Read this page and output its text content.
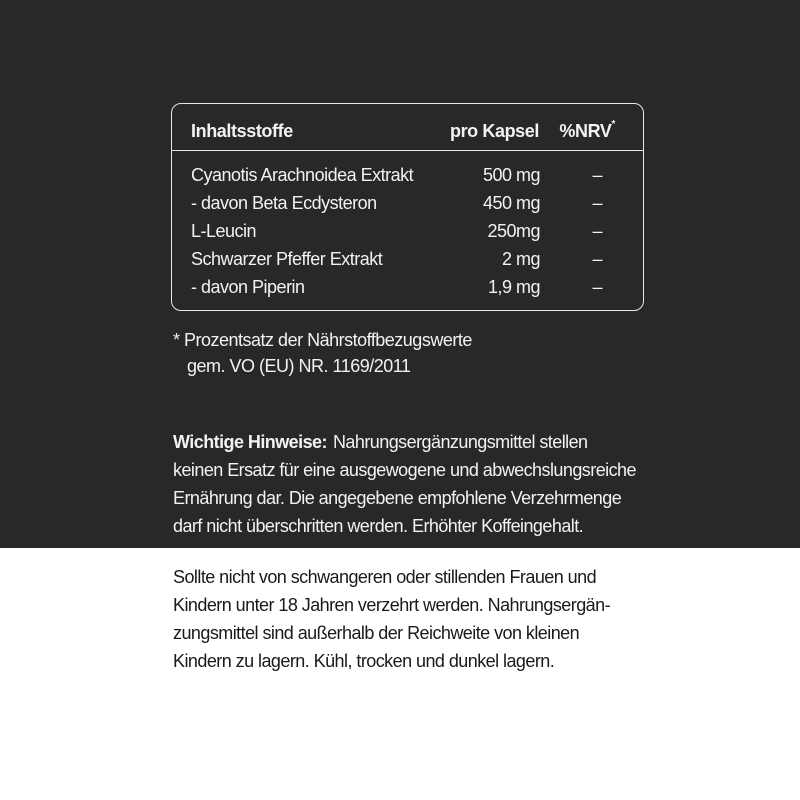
Inhaltsstoffe	pro Kapsel %NRV*
Cyanotis Arachnoidea Extrakt	500 mg	–
- davon Beta Ecdysteron	450 mg	–
L-Leucin	250mg	–
Schwarzer Pfeffer Extrakt	2 mg	–
- davon Piperin	1,9 mg	–
* Prozentsatz der Nährstoffbezugswerte
gem. VO (EU) NR. 1169/2011
Wichtige Hinweise: Nahrungsergänzungsmittel stellen
keinen Ersatz für eine ausgewogene und abwechslungsreiche
Ernährung dar. Die angegebene empfohlene Verzehrmenge
darf nicht überschritten werden. Erhöhter Koffeingehalt.
Sollte nicht von schwangeren oder stillenden Frauen und
Kindern unter 18 Jahren verzehrt werden. Nahrungsergän-
zungsmittel sind außerhalb der Reichweite von kleinen
Kindern zu lagern. Kühl, trocken und dunkel lagern.
